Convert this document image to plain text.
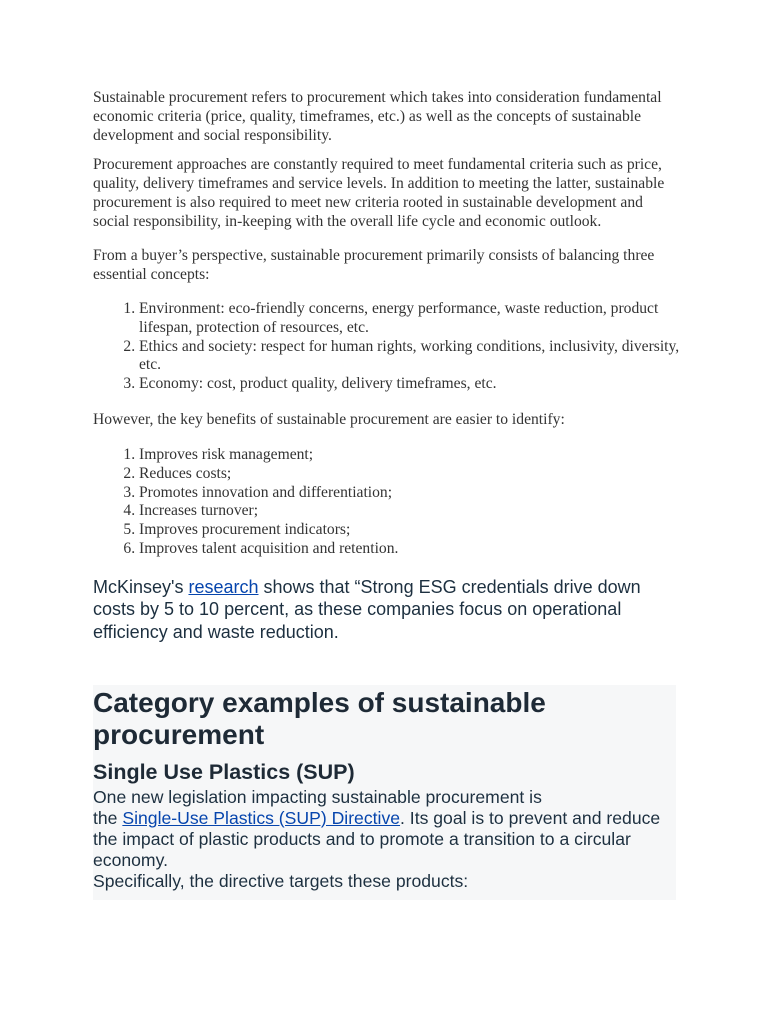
Sustainable procurement refers to procurement which takes into consideration fundamental economic criteria (price, quality, timeframes, etc.) as well as the concepts of sustainable development and social responsibility.

Procurement approaches are constantly required to meet fundamental criteria such as price, quality, delivery timeframes and service levels. In addition to meeting the latter, sustainable procurement is also required to meet new criteria rooted in sustainable development and social responsibility, in-keeping with the overall life cycle and economic outlook.

From a buyer’s perspective, sustainable procurement primarily consists of balancing three essential concepts:

1. Environment: eco-friendly concerns, energy performance, waste reduction, product lifespan, protection of resources, etc.
2. Ethics and society: respect for human rights, working conditions, inclusivity, diversity, etc.
3. Economy: cost, product quality, delivery timeframes, etc.

However, the key benefits of sustainable procurement are easier to identify:

1. Improves risk management;
2. Reduces costs;
3. Promotes innovation and differentiation;
4. Increases turnover;
5. Improves procurement indicators;
6. Improves talent acquisition and retention.

McKinsey's research shows that “Strong ESG credentials drive down costs by 5 to 10 percent, as these companies focus on operational efficiency and waste reduction.

Category examples of sustainable procurement
Single Use Plastics (SUP)

One new legislation impacting sustainable procurement is

the Single-Use Plastics (SUP) Directive. Its goal is to prevent and reduce the impact of plastic products and to promote a transition to a circular economy.

Specifically, the directive targets these products:
